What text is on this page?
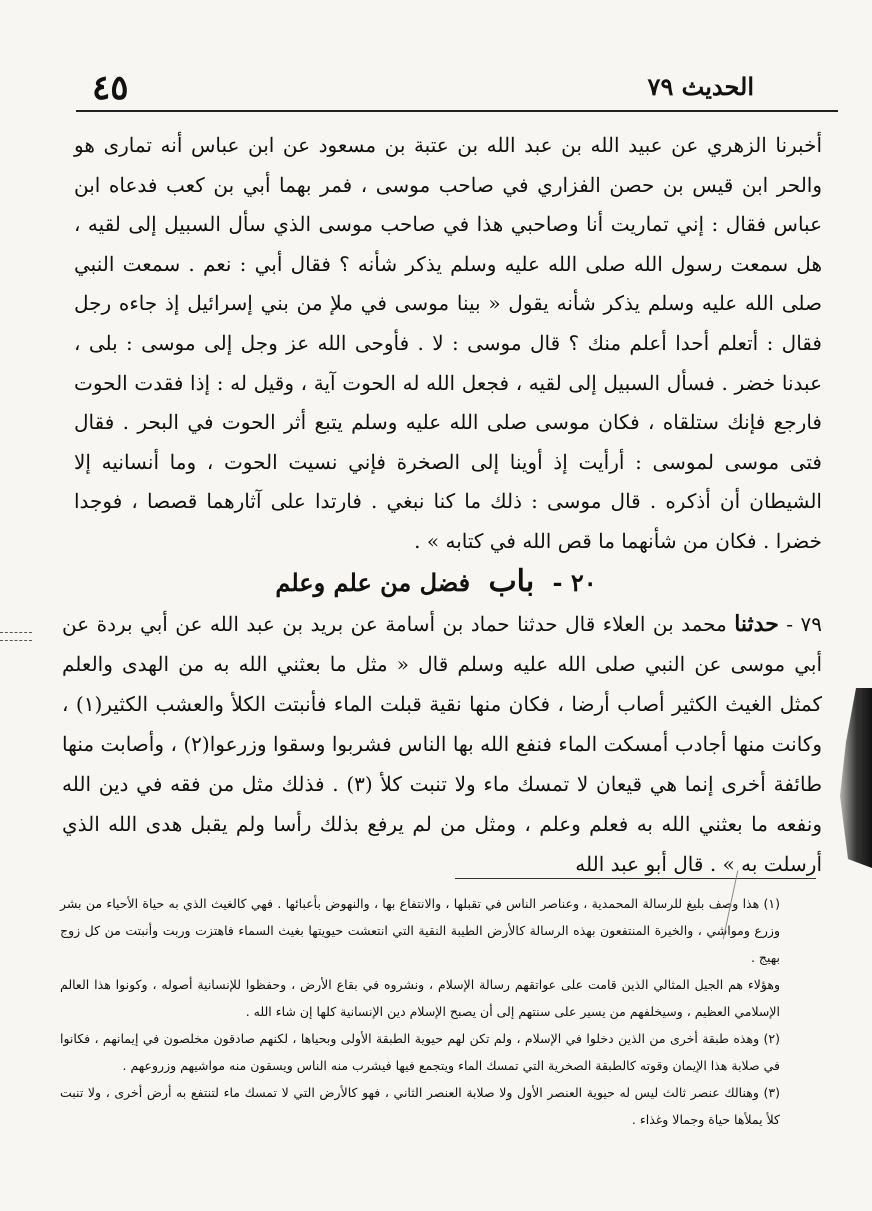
٤٥	الحديث ٧٩

أخبرنا الزهري عن عبيد الله بن عبد الله بن عتبة بن مسعود عن ابن عباس أنه تمارى هو والحر ابن قيس بن حصن الفزاري في صاحب موسى ، فمر بهما أبي بن كعب فدعاه ابن عباس فقال : إني تماريت أنا وصاحبي هذا في صاحب موسى الذي سأل السبيل إلى لقيه ، هل سمعت رسول الله صلى الله عليه وسلم يذكر شأنه ؟ فقال أبي : نعم . سمعت النبي صلى الله عليه وسلم يذكر شأنه يقول « بينا موسى في ملإ من بني إسرائيل إذ جاءه رجل فقال : أتعلم أحدا أعلم منك ؟ قال موسى : لا . فأوحى الله عز وجل إلى موسى : بلى ، عبدنا خضر . فسأل السبيل إلى لقيه ، فجعل الله له الحوت آية ، وقيل له : إذا فقدت الحوت فارجع فإنك ستلقاه ، فكان موسى صلى الله عليه وسلم يتبع أثر الحوت في البحر . فقال فتى موسى لموسى : أرأيت إذ أوينا إلى الصخرة فإني نسيت الحوت ، وما أنسانيه إلا الشيطان أن أذكره . قال موسى : ذلك ما كنا نبغي . فارتدا على آثارهما قصصا ، فوجدا خضرا . فكان من شأنهما ما قص الله في كتابه » .

٢٠ - باب فضل من علم وعلم
٧٩ - حدثنا محمد بن العلاء قال حدثنا حماد بن أسامة عن بريد بن عبد الله عن أبي بردة عن أبي موسى عن النبي صلى الله عليه وسلم قال « مثل ما بعثني الله به من الهدى والعلم كمثل الغيث الكثير أصاب أرضا ، فكان منها نقية قبلت الماء فأنبتت الكلأ والعشب الكثير(١) ، وكانت منها أجادب أمسكت الماء فنفع الله بها الناس فشربوا وسقوا وزرعوا(٢) ، وأصابت منها طائفة أخرى إنما هي قيعان لا تمسك ماء ولا تنبت كلأ (٣) . فذلك مثل من فقه في دين الله ونفعه ما بعثني الله به فعلم وعلم ، ومثل من لم يرفع بذلك رأسا ولم يقبل هدى الله الذي أرسلت به » . قال أبو عبد الله

(١) هذا وصف بليغ للرسالة المحمدية ، وعناصر الناس في تقبلها ، والانتفاع بها ، والنهوض بأعبائها . فهي كالغيث الذي به حياة الأحياء من بشر وزرع ومواشي ، والخيرة المنتفعون بهذه الرسالة كالأرض الطيبة النقية التي انتعشت حيويتها بغيث السماء فاهتزت وربت وأنبتت من كل زوج بهيج .

وهؤلاء هم الجيل المثالي الذين قامت على عواتقهم رسالة الإسلام ، ونشروه في بقاع الأرض ، وحفظوا للإنسانية أصوله ، وكونوا هذا العالم الإسلامي العظيم ، وسيخلفهم من يسير على سنتهم إلى أن يصبح الإسلام دين الإنسانية كلها إن شاء الله .

(٢) وهذه طبقة أخرى من الذين دخلوا في الإسلام ، ولم تكن لهم حيوية الطبقة الأولى وبحياها ، لكنهم صادقون مخلصون في إيمانهم ، فكانوا في صلابة هذا الإيمان وقوته كالطبقة الصخرية التي تمسك الماء ويتجمع فيها فيشرب منه الناس ويسقون منه مواشيهم وزروعهم .

(٣) وهنالك عنصر ثالث ليس له حيوية العنصر الأول ولا صلابة العنصر الثاني ، فهو كالأرض التي لا تمسك ماء لتنتفع به أرض أخرى ، ولا تنبت كلأ يملأها حياة وجمالا وغذاء .
